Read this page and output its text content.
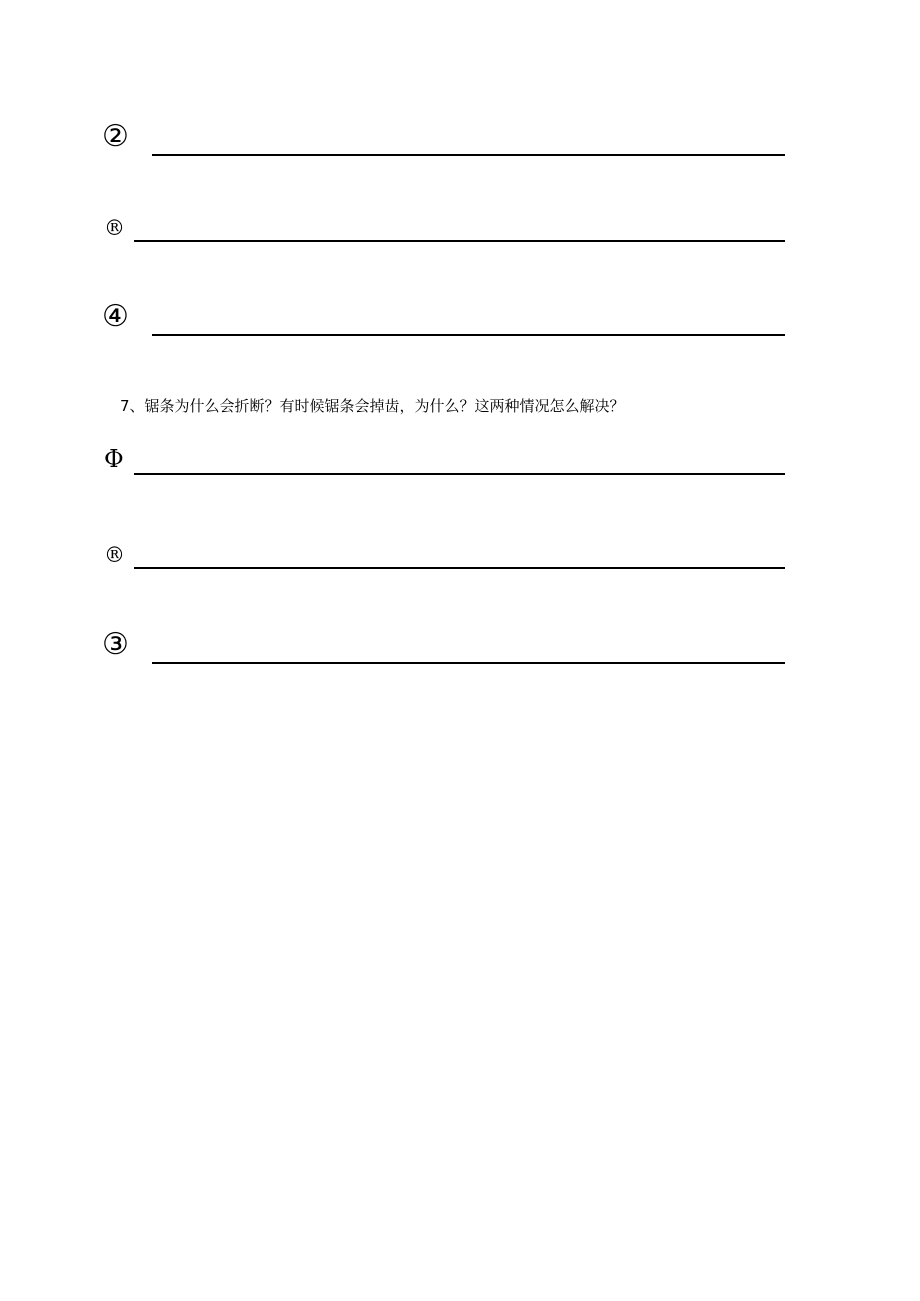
②
®
④
7、锯条为什么会折断？有时候锯条会掉齿，为什么？这两种情况怎么解决？
Φ
®
③
